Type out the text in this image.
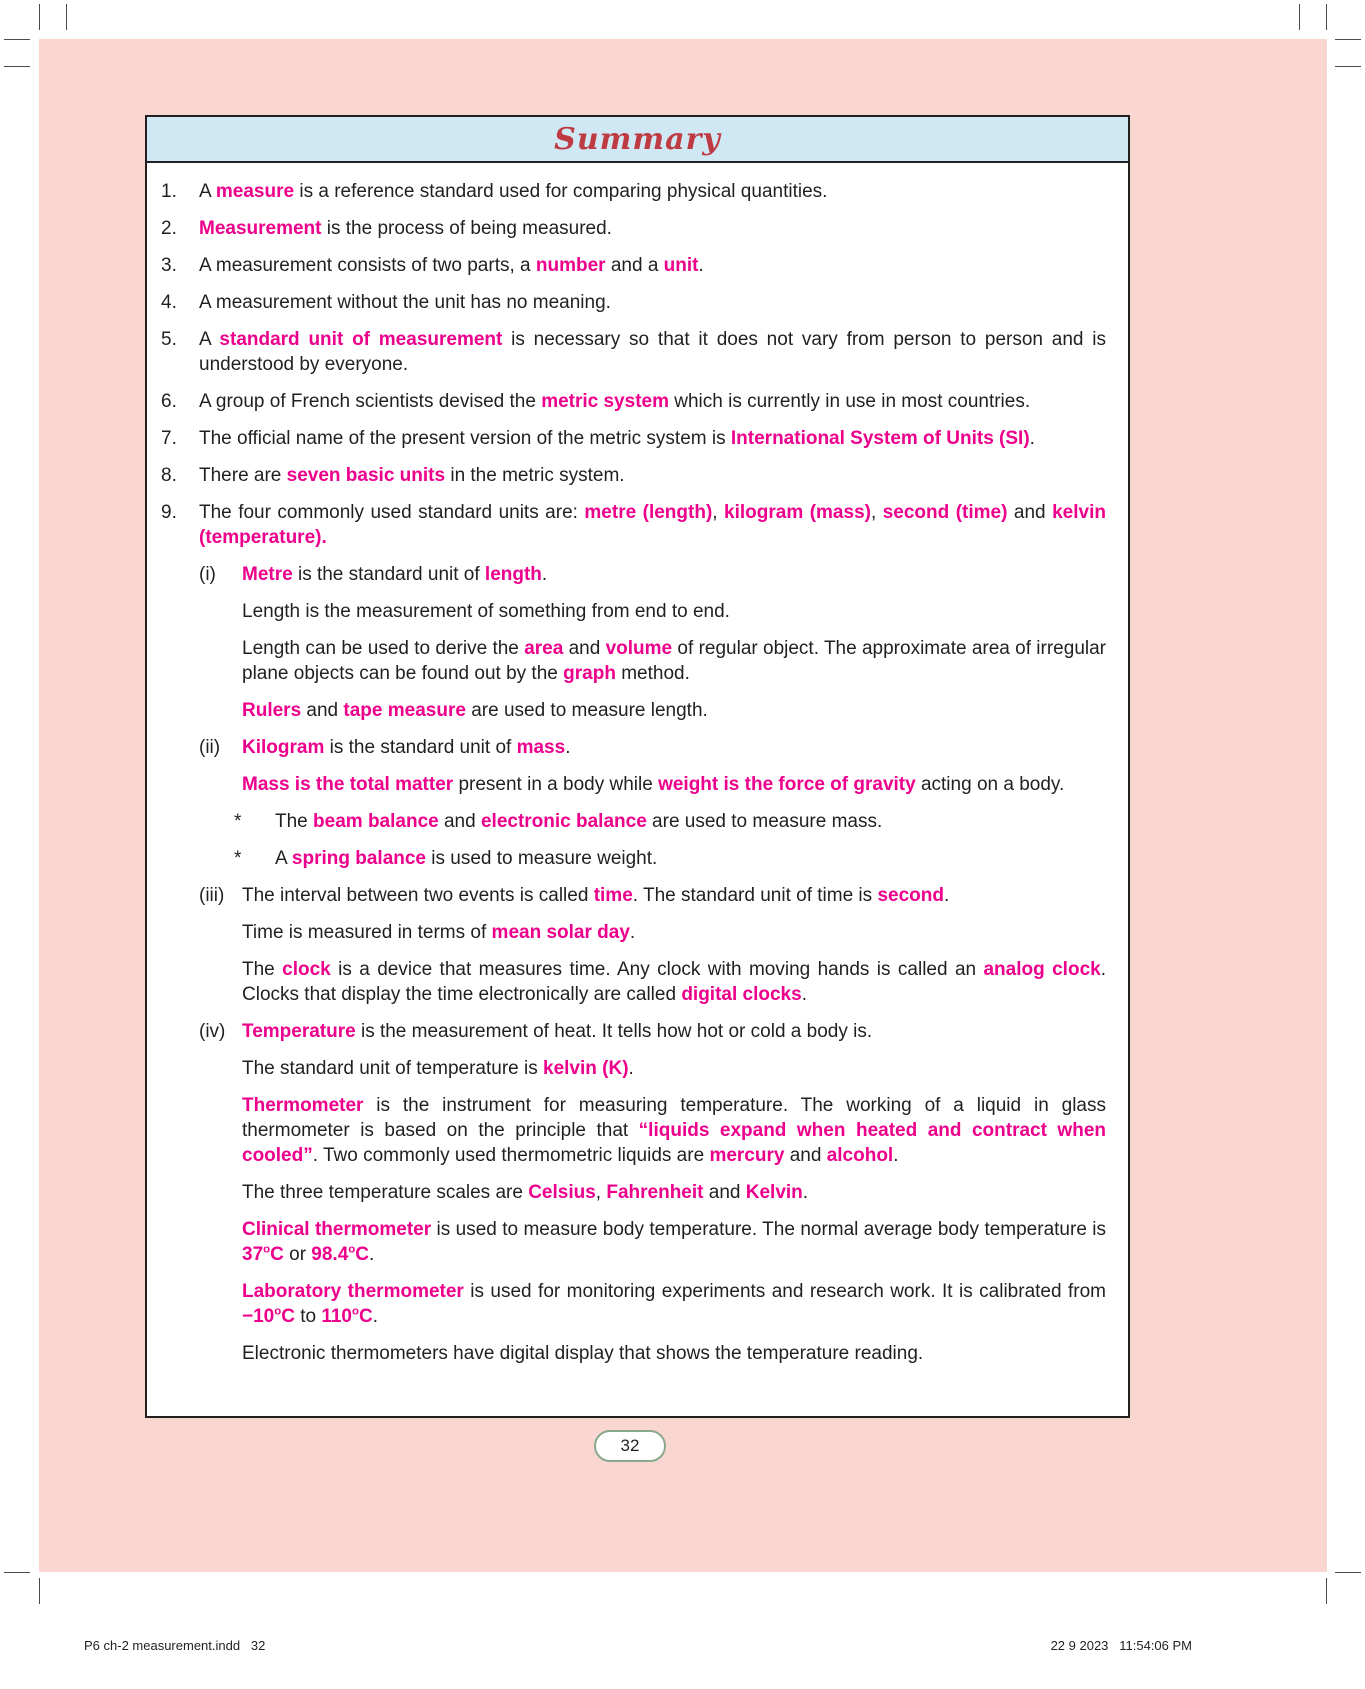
Summary
1. A measure is a reference standard used for comparing physical quantities.

2. Measurement is the process of being measured.

3. A measurement consists of two parts, a number and a unit.

4. A measurement without the unit has no meaning.

5. A standard unit of measurement is necessary so that it does not vary from person to person and is understood by everyone.

6. A group of French scientists devised the metric system which is currently in use in most countries.

7. The official name of the present version of the metric system is International System of Units (SI).

8. There are seven basic units in the metric system.

9. The four commonly used standard units are: metre (length), kilogram (mass), second (time) and kelvin (temperature).

(i) Metre is the standard unit of length.

Length is the measurement of something from end to end.

Length can be used to derive the area and volume of regular object. The approximate area of irregular plane objects can be found out by the graph method.

Rulers and tape measure are used to measure length.

(ii) Kilogram is the standard unit of mass.

Mass is the total matter present in a body while weight is the force of gravity acting on a body.

* The beam balance and electronic balance are used to measure mass.

* A spring balance is used to measure weight.

(iii) The interval between two events is called time. The standard unit of time is second.

Time is measured in terms of mean solar day.

The clock is a device that measures time. Any clock with moving hands is called an analog clock. Clocks that display the time electronically are called digital clocks.

(iv) Temperature is the measurement of heat. It tells how hot or cold a body is.

The standard unit of temperature is kelvin (K).

Thermometer is the instrument for measuring temperature. The working of a liquid in glass thermometer is based on the principle that “liquids expand when heated and contract when cooled”. Two commonly used thermometric liquids are mercury and alcohol.

The three temperature scales are Celsius, Fahrenheit and Kelvin.

Clinical thermometer is used to measure body temperature. The normal average body temperature is 37$^o$C or 98.4$^o$C.

Laboratory thermometer is used for monitoring experiments and research work. It is calibrated from $-10^oC$ to 110$^o$C.

Electronic thermometers have digital display that shows the temperature reading.

32
P6 ch-2 measurement.indd   32	22 9 2023   11:54:06 PM
